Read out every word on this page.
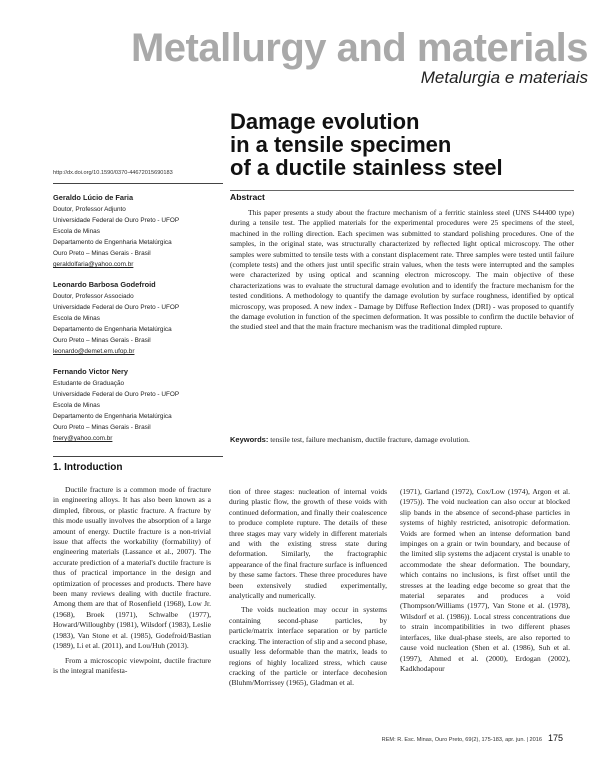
Metallurgy and materials
Metalurgia e materiais
Damage evolution
in a tensile specimen
of a ductile stainless steel
http://dx.doi.org/10.1590/0370-44672015690183
Geraldo Lúcio de Faria
Doutor, Professor Adjunto
Universidade Federal de Ouro Preto - UFOP
Escola de Minas
Departamento de Engenharia Metalúrgica
Ouro Preto – Minas Gerais - Brasil
geraldolfaria@yahoo.com.br
Leonardo Barbosa Godefroid
Doutor, Professor Associado
Universidade Federal de Ouro Preto - UFOP
Escola de Minas
Departamento de Engenharia Metalúrgica
Ouro Preto – Minas Gerais - Brasil
leonardo@demet.em.ufop.br
Fernando Victor Nery
Estudante de Graduação
Universidade Federal de Ouro Preto - UFOP
Escola de Minas
Departamento de Engenharia Metalúrgica
Ouro Preto – Minas Gerais - Brasil
fnery@yahoo.com.br
Abstract

This paper presents a study about the fracture mechanism of a ferritic stainless steel (UNS S44400 type) during a tensile test. The applied materials for the experimental procedures were 25 specimens of the steel, machined in the rolling direction. Each specimen was submitted to standard polishing procedures. One of the samples, in the original state, was structurally characterized by reflected light optical microscopy. The other samples were submitted to tensile tests with a constant displacement rate. Three samples were tested until failure (complete tests) and the others just until specific strain values, when the tests were interrupted and the samples were characterized by using optical and scanning electron microscopy. The main objective of these characterizations was to evaluate the structural damage evolution and to identify the fracture mechanism for the tested conditions. A methodology to quantify the damage evolution by surface roughness, identified by optical microscopy, was proposed. A new index - Damage by Diffuse Reflection Index (DRI) - was proposed to quantify the damage evolution in function of the specimen deformation. It was possible to confirm the ductile behavior of the studied steel and that the main fracture mechanism was the traditional dimpled rupture.

Keywords: tensile test, failure mechanism, ductile fracture, damage evolution.
1. Introduction

Ductile fracture is a common mode of fracture in engineering alloys. It has also been known as a dimpled, fibrous, or plastic fracture. A fracture by this mode usually involves the absorption of a large amount of energy. Ductile fracture is a non-trivial issue that affects the workability (formability) of engineering materials (Lassance et al., 2007). The accurate prediction of a material's ductile fracture is thus of practical importance in the design and optimization of processes and products. There have been many reviews dealing with ductile fracture. Among them are that of Rosenfield (1968), Low Jr. (1968), Broek (1971), Schwalbe (1977), Howard/Willoughby (1981), Wilsdorf (1983), Leslie (1983), Van Stone et al. (1985), Godefroid/Bastian (1989), Li et al. (2011), and Lou/Huh (2013).

From a microscopic viewpoint, ductile fracture is the integral manifesta-

tion of three stages: nucleation of internal voids during plastic flow, the growth of these voids with continued deformation, and finally their coalescence to produce complete rupture. The details of these three stages may vary widely in different materials and with the existing stress state during deformation. Similarly, the fractographic appearance of the final fracture surface is influenced by these same factors. These three procedures have been extensively studied experimentally, analytically and numerically.

The voids nucleation may occur in systems containing second-phase particles, by particle/matrix interface separation or by particle cracking. The interaction of slip and a second phase, usually less deformable than the matrix, leads to regions of highly localized stress, which cause cracking of the particle or interface decohesion (Bluhm/Morrissey (1965), Gladman et al.

(1971), Garland (1972), Cox/Low (1974), Argon et al. (1975)). The void nucleation can also occur at blocked slip bands in the absence of second-phase particles in systems of highly restricted, anisotropic deformation. Voids are formed when an intense deformation band impinges on a grain or twin boundary, and because of the limited slip systems the adjacent crystal is unable to accommodate the shear deformation. The boundary, which contains no inclusions, is first offset until the stresses at the leading edge become so great that the material separates and produces a void (Thompson/Williams (1977), Van Stone et al. (1978), Wilsdorf et al. (1986)). Local stress concentrations due to strain incompatibilities in two different phases interfaces, like dual-phase steels, are also reported to cause void nucleation (Shen et al. (1986), Suh et al. (1997), Ahmed et al. (2000), Erdogan (2002), Kadkhodapour

REM: R. Esc. Minas, Ouro Preto, 69(2), 175-183, apr. jun. | 2016 175
